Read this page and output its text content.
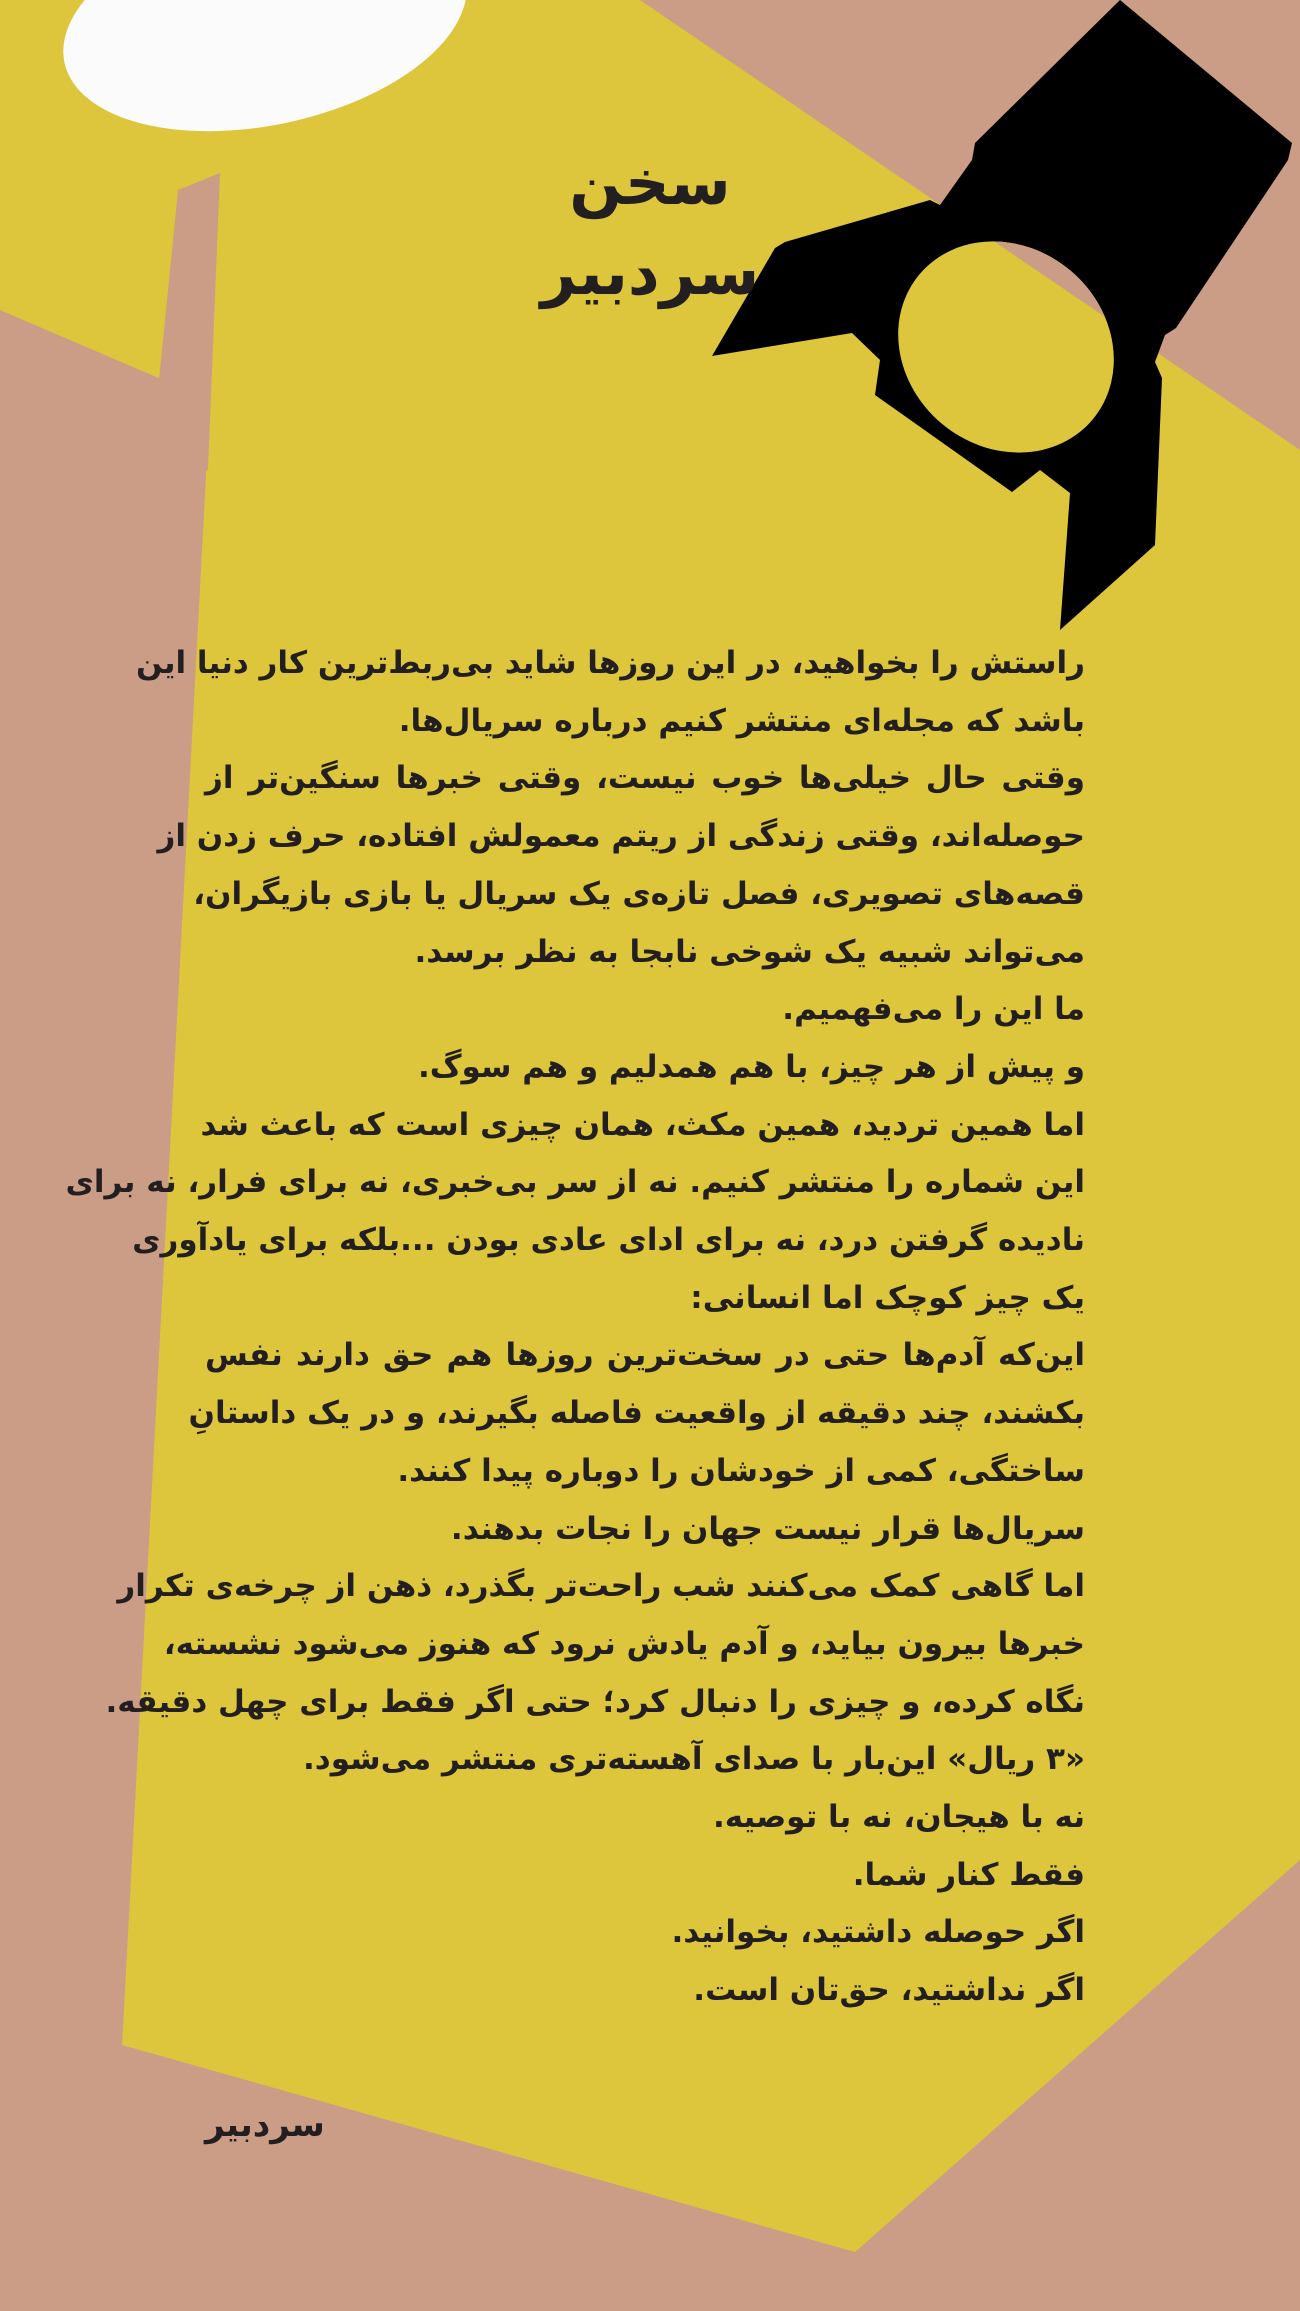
سخن سردبیر
راستش را بخواهید، در این روزها شاید بی‌ربط‌ترین کار دنیا این
باشد که مجله‌ای منتشر کنیم درباره سریال‌ها.
وقتی حال خیلی‌ها خوب نیست، وقتی خبرها سنگین‌تر از
حوصله‌اند، وقتی زندگی از ریتم معمولش افتاده، حرف زدن از
قصه‌های تصویری، فصل تازه‌ی یک سریال یا بازی بازیگران،
می‌تواند شبیه یک شوخی نابجا به نظر برسد.
ما این را می‌فهمیم.
و پیش از هر چیز، با هم همدلیم و هم سوگ.
اما همین تردید، همین مکث، همان چیزی است که باعث شد
این شماره را منتشر کنیم. نه از سر بی‌خبری، نه برای فرار، نه برای
نادیده گرفتن درد، نه برای ادای عادی بودن ...بلکه برای یادآوری
یک چیز کوچک اما انسانی:
این‌که آدم‌ها حتی در سخت‌ترین روزها هم حق دارند نفس
بکشند، چند دقیقه از واقعیت فاصله بگیرند، و در یک داستانِ
ساختگی، کمی از خودشان را دوباره پیدا کنند.
سریال‌ها قرار نیست جهان را نجات بدهند.
اما گاهی کمک می‌کنند شب راحت‌تر بگذرد، ذهن از چرخه‌ی تکرار
خبرها بیرون بیاید، و آدم یادش نرود که هنوز می‌شود نشسته،
نگاه کرده، و چیزی را دنبال کرد؛ حتی اگر فقط برای چهل دقیقه.
«۳ ریال» این‌بار با صدای آهسته‌تری منتشر می‌شود.
نه با هیجان، نه با توصیه.
فقط کنار شما.
اگر حوصله داشتید، بخوانید.
اگر نداشتید، حق‌تان است.
سردبیر
